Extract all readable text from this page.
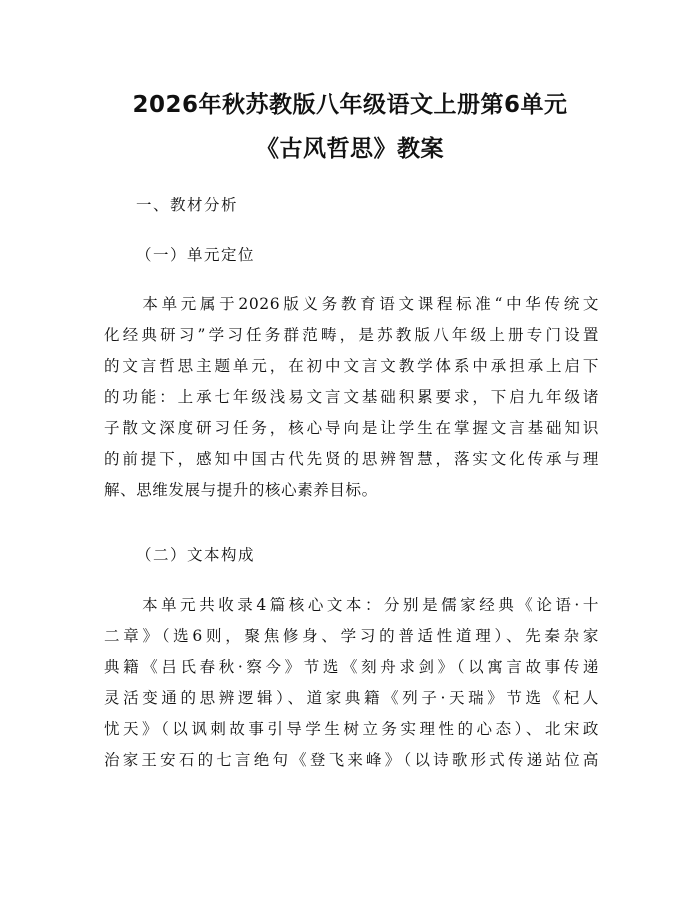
2026年秋苏教版八年级语文上册第6单元
《古风哲思》教案
一、教材分析
（一）单元定位
　　本单元属于2026版义务教育语文课程标准“中华传统文
化经典研习”学习任务群范畴，是苏教版八年级上册专门设置
的文言哲思主题单元，在初中文言文教学体系中承担承上启下
的功能：上承七年级浅易文言文基础积累要求，下启九年级诸
子散文深度研习任务，核心导向是让学生在掌握文言基础知识
的前提下，感知中国古代先贤的思辨智慧，落实文化传承与理
解、思维发展与提升的核心素养目标。
（二）文本构成
　　本单元共收录4篇核心文本：分别是儒家经典《论语·十
二章》（选6则，聚焦修身、学习的普适性道理）、先秦杂家
典籍《吕氏春秋·察今》节选《刻舟求剑》（以寓言故事传递
灵活变通的思辨逻辑）、道家典籍《列子·天瑞》节选《杞人
忧天》（以讽刺故事引导学生树立务实理性的心态）、北宋政
治家王安石的七言绝句《登飞来峰》（以诗歌形式传递站位高
